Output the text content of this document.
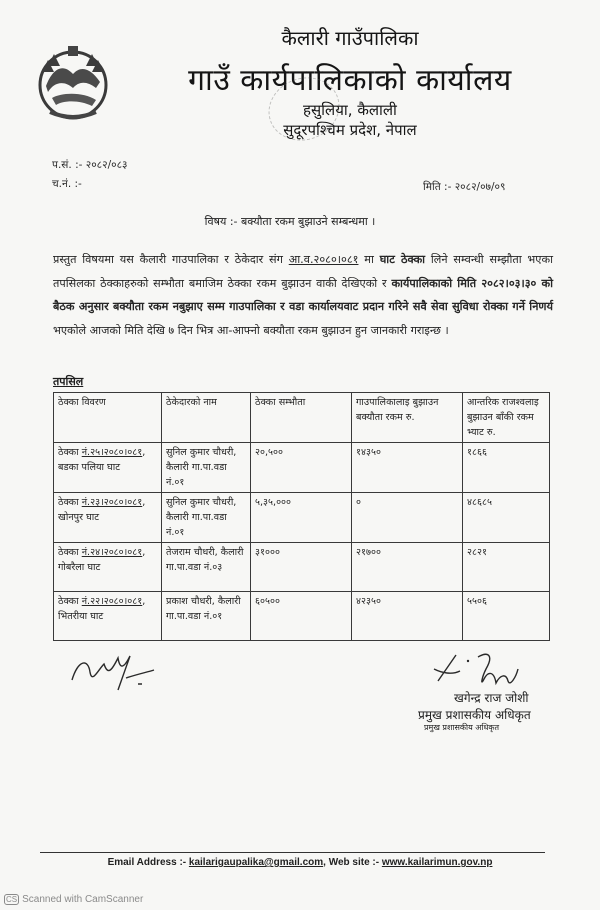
कैलारी गाउँपालिका
गाउँ कार्यपालिकाको कार्यालय
हसुलिया, कैलाली
सुदूरपश्चिम प्रदेश, नेपाल
प.सं. :- २०८२/०८३
च.नं. :-	मिति :- २०८२/०७/०९
विषय :- बक्यौता रकम बुझाउने सम्बन्धमा ।
प्रस्तुत विषयमा यस कैलारी गाउपालिका र ठेकेदार संग आ.व.२०८०।०८१ मा घाट ठेक्का लिने सम्वन्धी सम्झौता भएका तपसिलका ठेक्काहरुको सम्भौता बमाजिम ठेक्का रकम बुझाउन वाकी देखिएको र कार्यपालिकाको मिति २०८२।०३।३० को बैठक अनुसार बक्यौता रकम नबुझाए सम्म गाउपालिका र वडा कार्यालयवाट प्रदान गरिने सवै सेवा सुविधा रोक्का गर्ने निणर्य भएकोले आजको मिति देखि ७ दिन भित्र आ-आफ्नो बक्यौता रकम बुझाउन हुन जानकारी गराइन्छ ।
तपसिल
ठेक्का विवरण	ठेकेदारको नाम	ठेक्का सम्भौता	गाउपालिकालाइ बुझाउन बक्यौता रकम रु.	आन्तरिक राजश्वलाइ बुझाउन बाँकी रकम भ्याट रु.
ठेक्का नं.२५।२०८०।०८१, बडका पलिया घाट	सुनिल कुमार चौधरी, कैलारी गा.पा.वडा नं.०१	२०,५००	१४३५०	१८६६
ठेक्का नं.२३।२०८०।०८१, खोनपुर घाट	सुनिल कुमार चौधरी, कैलारी गा.पा.वडा नं.०१	५,३५,०००	०	४८६८५
ठेक्का नं.२४।२०८०।०८१, गोबरैला घाट	तेजराम चौधरी, कैलारी गा.पा.वडा नं.०३	३१०००	२१७००	२८२१
ठेक्का नं.२२।२०८०।०८१, भितरीया घाट	प्रकाश चौधरी, कैलारी गा.पा.वडा नं.०१	६०५००	४२३५०	५५०६
खगेन्द्र राज जोशी
प्रमुख प्रशासकीय अधिकृत
प्रमुख प्रशासकीय अधिकृत
Email Address :- kailarigaupalika@gmail.com, Web site :- www.kailarimun.gov.np
CS Scanned with CamScanner
